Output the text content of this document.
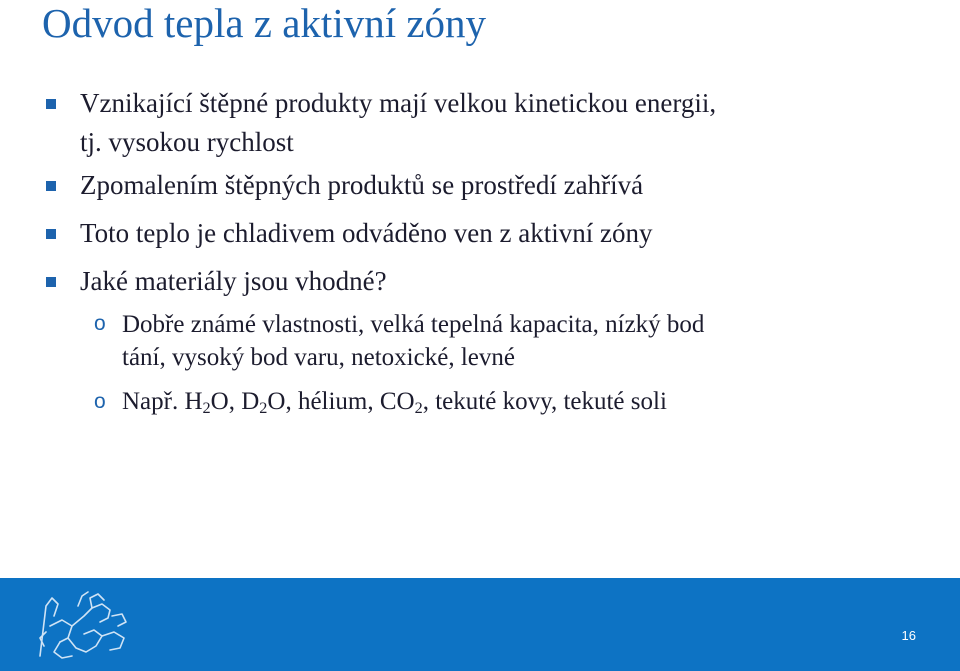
Odvod tepla z aktivní zóny
Vznikající štěpné produkty mají velkou kinetickou energii,
tj. vysokou rychlost
Zpomalením štěpných produktů se prostředí zahřívá
Toto teplo je chladivem odváděno ven z aktivní zóny
Jaké materiály jsou vhodné?
o Dobře známé vlastnosti, velká tepelná kapacita, nízký bod
tání, vysoký bod varu, netoxické, levné
o Např. $H_2O$, $D_2O$, hélium, $CO_2$, tekuté kovy, tekuté soli
16
